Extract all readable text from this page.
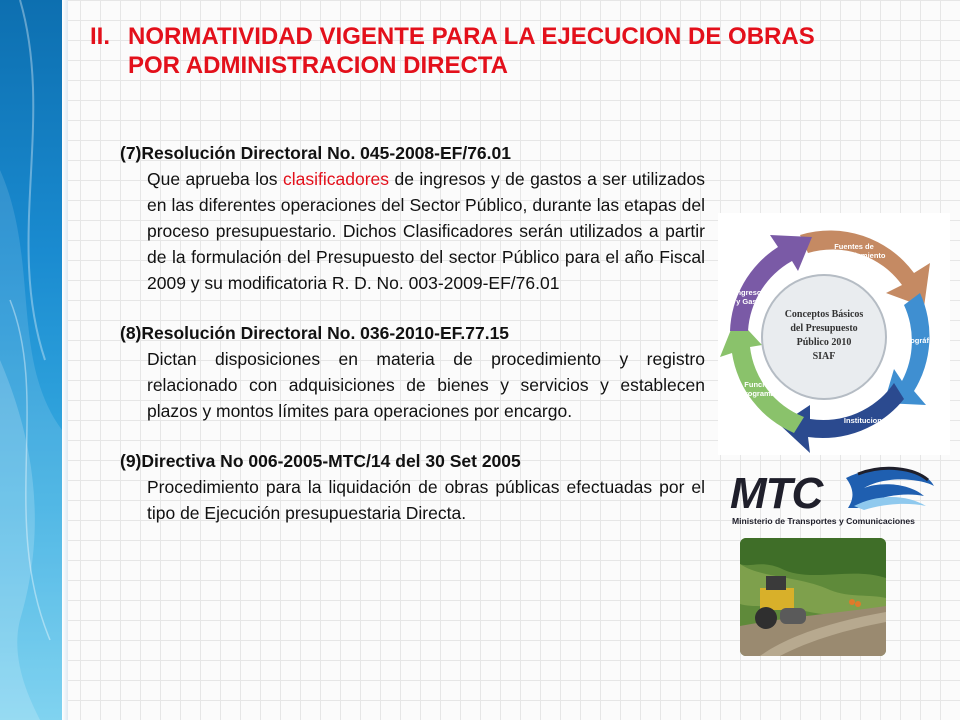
II. NORMATIVIDAD VIGENTE PARA LA EJECUCION DE OBRAS
POR ADMINISTRACION DIRECTA
(7)Resolución Directoral No. 045-2008-EF/76.01
Que aprueba los clasificadores de ingresos y de gastos a ser utilizados en las diferentes operaciones del Sector Público, durante las etapas del proceso presupuestario. Dichos Clasificadores serán utilizados a partir de la formulación del Presupuesto del sector Público para el año Fiscal 2009 y su modificatoria R. D. No. 003-2009-EF/76.01
(8)Resolución Directoral No. 036-2010-EF.77.15
Dictan disposiciones en materia de procedimiento y registro relacionado con adquisiciones de bienes y servicios y establecen plazos y montos límites para operaciones por encargo.
(9)Directiva No 006-2005-MTC/14 del 30 Set 2005
Procedimiento para la liquidación de obras públicas efectuadas por el tipo de Ejecución presupuestaria Directa.
Conceptos Básicos
del Presupuesto
Público 2010
SIAF
Fuentes de
Financiamiento
Geográfico
Institucional
Funcional
Programático
Ingresos
y Gastos
MTC
Ministerio de Transportes y Comunicaciones
